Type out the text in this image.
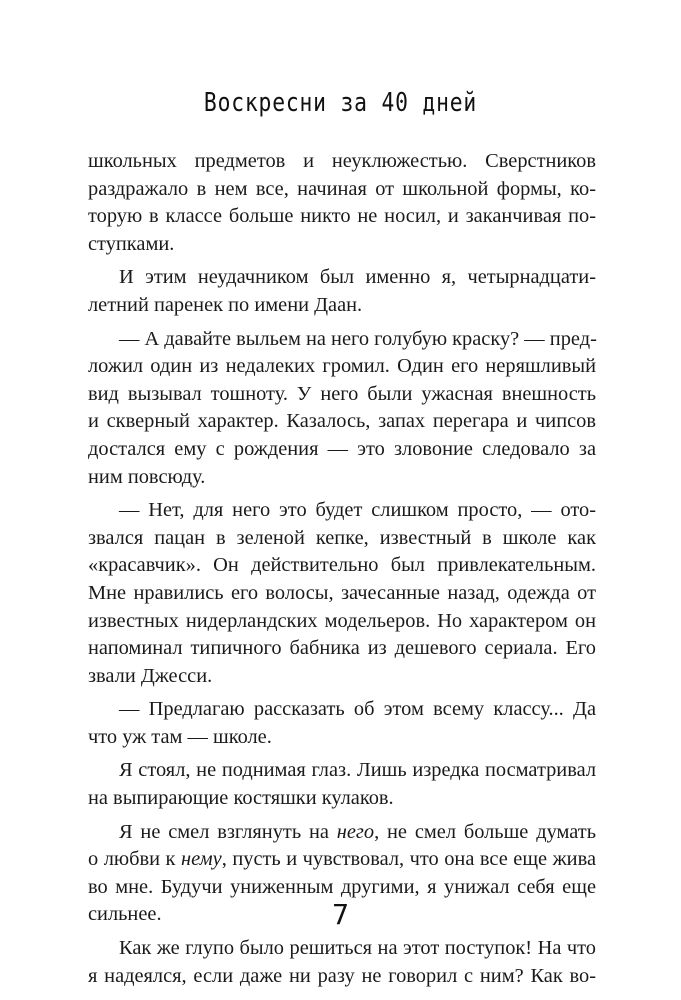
Воскресни за 40 дней
школьных предметов и неуклюжестью. Сверстников
раздражало в нем все, начиная от школьной формы, ко-
торую в классе больше никто не носил, и заканчивая по-
ступками.
И этим неудачником был именно я, четырнадцати-
летний паренек по имени Даан.
— А давайте выльем на него голубую краску? — пред-
ложил один из недалеких громил. Один его неряшливый
вид вызывал тошноту. У него были ужасная внешность
и скверный характер. Казалось, запах перегара и чипсов
достался ему с рождения — это зловоние следовало за
ним повсюду.
— Нет, для него это будет слишком просто, — ото-
звался пацан в зеленой кепке, известный в школе как
«красавчик». Он действительно был привлекательным.
Мне нравились его волосы, зачесанные назад, одежда от
известных нидерландских модельеров. Но характером он
напоминал типичного бабника из дешевого сериала. Его
звали Джесси.
— Предлагаю рассказать об этом всему классу... Да
что уж там — школе.
Я стоял, не поднимая глаз. Лишь изредка посматривал
на выпирающие костяшки кулаков.
Я не смел взглянуть на него, не смел больше думать
о любви к нему, пусть и чувствовал, что она все еще жива
во мне. Будучи униженным другими, я унижал себя еще
сильнее.
Как же глупо было решиться на этот поступок! На что
я надеялся, если даже ни разу не говорил с ним? Как во-
7
